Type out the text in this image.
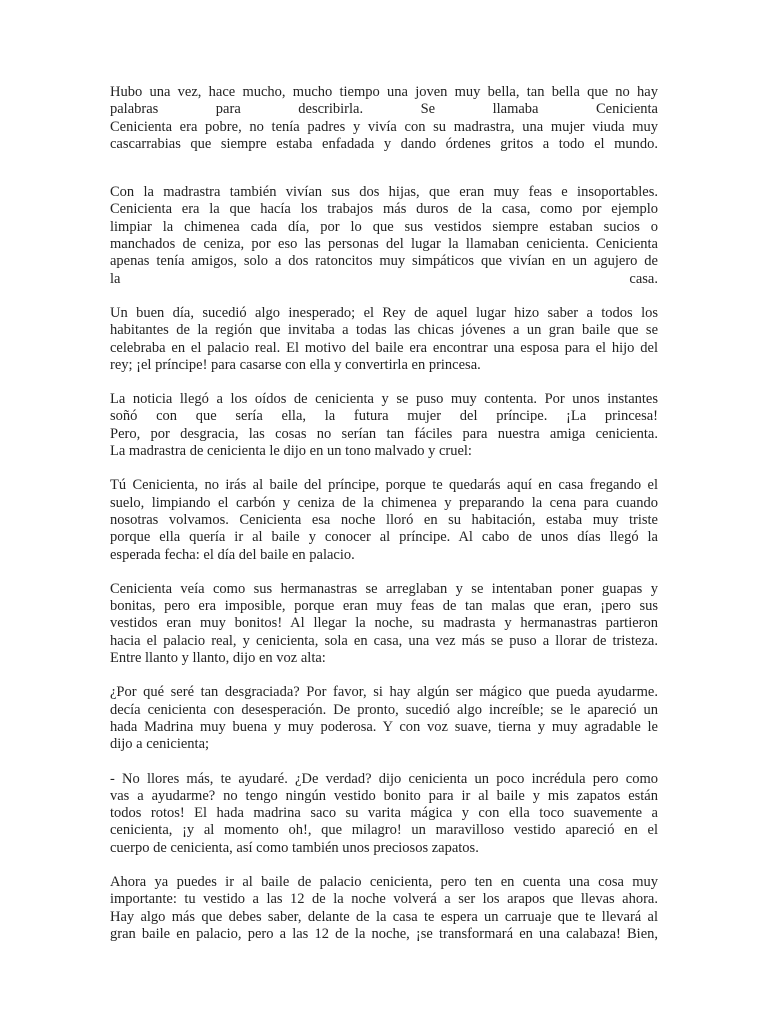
Hubo una vez, hace mucho, mucho tiempo una joven muy bella, tan bella que no hay
palabras para describirla. Se llamaba Cenicienta
Cenicienta era pobre, no tenía padres y vivía con su madrastra, una mujer viuda muy
cascarrabias que siempre estaba enfadada y dando órdenes gritos a todo el mundo.

Con la madrastra también vivían sus dos hijas, que eran muy feas e insoportables.
Cenicienta era la que hacía los trabajos más duros de la casa, como por ejemplo
limpiar la chimenea cada día, por lo que sus vestidos siempre estaban sucios o
manchados de ceniza, por eso las personas del lugar la llamaban cenicienta. Cenicienta
apenas tenía amigos, solo a dos ratoncitos muy simpáticos que vivían en un agujero de
la casa.

Un buen día, sucedió algo inesperado; el Rey de aquel lugar hizo saber a todos los
habitantes de la región que invitaba a todas las chicas jóvenes a un gran baile que se
celebraba en el palacio real. El motivo del baile era encontrar una esposa para el hijo del
rey; ¡el príncipe! para casarse con ella y convertirla en princesa.

La noticia llegó a los oídos de cenicienta y se puso muy contenta. Por unos instantes
soñó con que sería ella, la futura mujer del príncipe. ¡La princesa!
Pero, por desgracia, las cosas no serían tan fáciles para nuestra amiga cenicienta.
La madrastra de cenicienta le dijo en un tono malvado y cruel:

Tú Cenicienta, no irás al baile del príncipe, porque te quedarás aquí en casa fregando el
suelo, limpiando el carbón y ceniza de la chimenea y preparando la cena para cuando
nosotras volvamos. Cenicienta esa noche lloró en su habitación, estaba muy triste
porque ella quería ir al baile y conocer al príncipe. Al cabo de unos días llegó la
esperada fecha: el día del baile en palacio.

Cenicienta veía como sus hermanastras se arreglaban y se intentaban poner guapas y
bonitas, pero era imposible, porque eran muy feas de tan malas que eran, ¡pero sus
vestidos eran muy bonitos! Al llegar la noche, su madrasta y hermanastras partieron
hacia el palacio real, y cenicienta, sola en casa, una vez más se puso a llorar de tristeza.
Entre llanto y llanto, dijo en voz alta:

¿Por qué seré tan desgraciada? Por favor, si hay algún ser mágico que pueda ayudarme.
decía cenicienta con desesperación. De pronto, sucedió algo increíble; se le apareció un
hada Madrina muy buena y muy poderosa. Y con voz suave, tierna y muy agradable le
dijo a cenicienta;

- No llores más, te ayudaré. ¿De verdad? dijo cenicienta un poco incrédula pero como
vas a ayudarme? no tengo ningún vestido bonito para ir al baile y mis zapatos están
todos rotos! El hada madrina saco su varita mágica y con ella toco suavemente a
cenicienta, ¡y al momento oh!, que milagro! un maravilloso vestido apareció en el
cuerpo de cenicienta, así como también unos preciosos zapatos.

Ahora ya puedes ir al baile de palacio cenicienta, pero ten en cuenta una cosa muy
importante: tu vestido a las 12 de la noche volverá a ser los arapos que llevas ahora.
Hay algo más que debes saber, delante de la casa te espera un carruaje que te llevará al
gran baile en palacio, pero a las 12 de la noche, ¡se transformará en una calabaza! Bien,
